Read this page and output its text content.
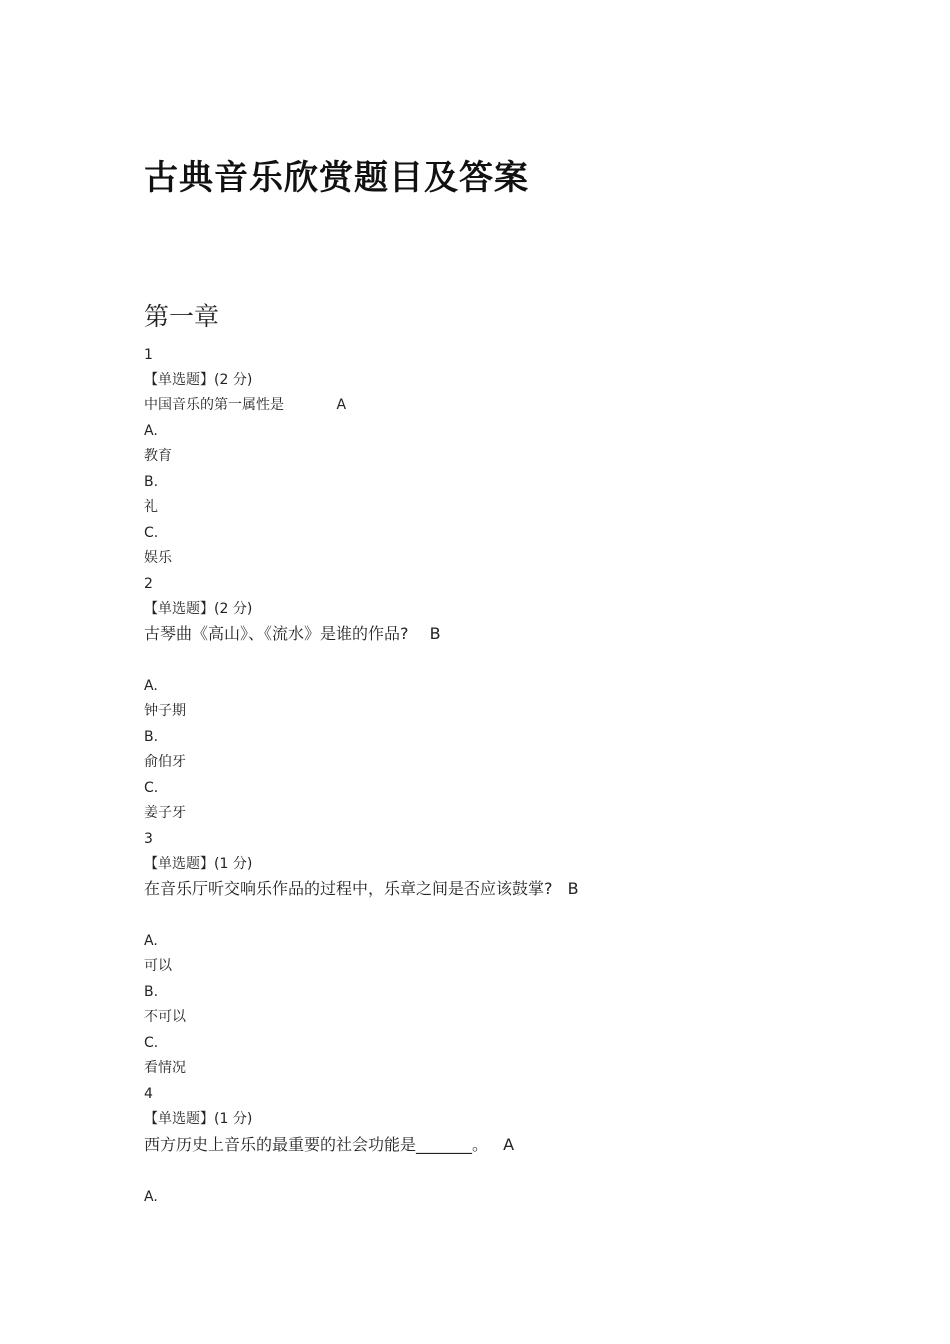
古典音乐欣赏题目及答案
第一章
1
【单选题】(2 分)
中国音乐的第一属性是	A
A.
教育
B.
礼
C.
娱乐
2
【单选题】(2 分)
古琴曲《高山》、《流水》是谁的作品? B
A.
钟子期
B.
俞伯牙
C.
姜子牙
3
【单选题】(1 分)
在音乐厅听交响乐作品的过程中，乐章之间是否应该鼓掌? B
A.
可以
B.
不可以
C.
看情况
4
【单选题】(1 分)
西方历史上音乐的最重要的社会功能是_______。 A
A.
